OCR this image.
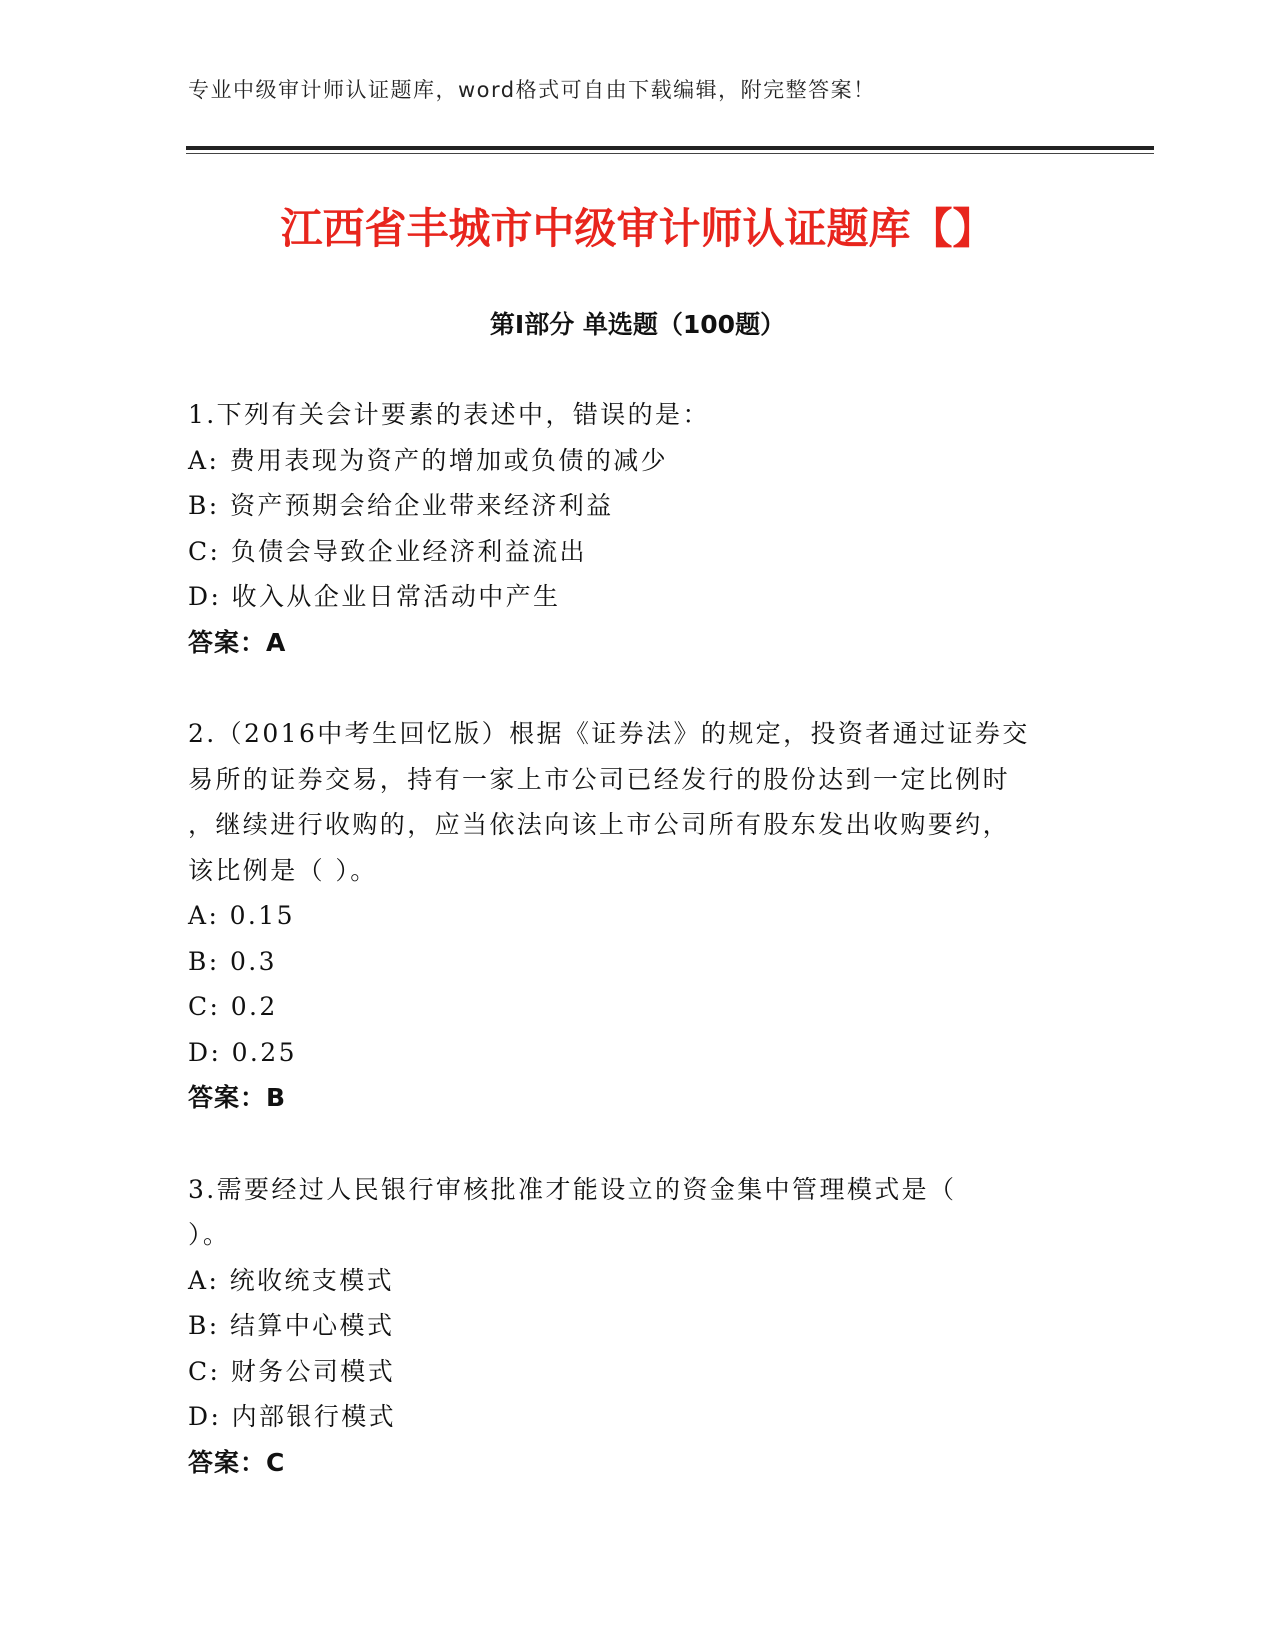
专业中级审计师认证题库，word格式可自由下载编辑，附完整答案！
江西省丰城市中级审计师认证题库【】
第I部分 单选题（100题）

1.下列有关会计要素的表述中，错误的是：

A: 费用表现为资产的增加或负债的减少

B: 资产预期会给企业带来经济利益

C: 负债会导致企业经济利益流出

D: 收入从企业日常活动中产生

答案：A

2.（2016中考生回忆版）根据《证券法》的规定，投资者通过证券交

易所的证券交易，持有一家上市公司已经发行的股份达到一定比例时

，继续进行收购的，应当依法向该上市公司所有股东发出收购要约，

该比例是（ ）。

A: 0.15

B: 0.3

C: 0.2

D: 0.25

答案：B

3.需要经过人民银行审核批准才能设立的资金集中管理模式是（

）。

A: 统收统支模式

B: 结算中心模式

C: 财务公司模式

D: 内部银行模式

答案：C
